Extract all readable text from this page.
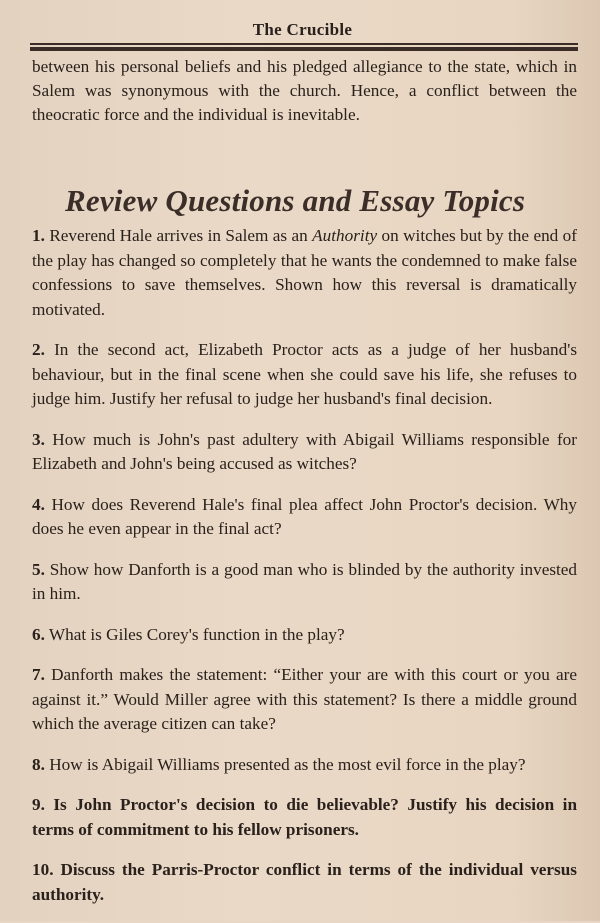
The Crucible

between his personal beliefs and his pledged allegiance to the state, which in Salem was synonymous with the church. Hence, a conflict between the theocratic force and the individual is inevitable.

Review Questions and Essay Topics

1. Reverend Hale arrives in Salem as an Authority on witches but by the end of the play has changed so completely that he wants the condemned to make false confessions to save themselves. Shown how this reversal is dramatically motivated.

2. In the second act, Elizabeth Proctor acts as a judge of her husband's behaviour, but in the final scene when she could save his life, she refuses to judge him. Justify her refusal to judge her husband's final decision.

3. How much is John's past adultery with Abigail Williams responsible for Elizabeth and John's being accused as witches?

4. How does Reverend Hale's final plea affect John Proctor's decision. Why does he even appear in the final act?

5. Show how Danforth is a good man who is blinded by the authority invested in him.

6. What is Giles Corey's function in the play?

7. Danforth makes the statement: “Either your are with this court or you are against it.” Would Miller agree with this statement? Is there a middle ground which the average citizen can take?

8. How is Abigail Williams presented as the most evil force in the play?

9. Is John Proctor's decision to die believable? Justify his decision in terms of commitment to his fellow prisoners.

10. Discuss the Parris-Proctor conflict in terms of the individual versus authority.
